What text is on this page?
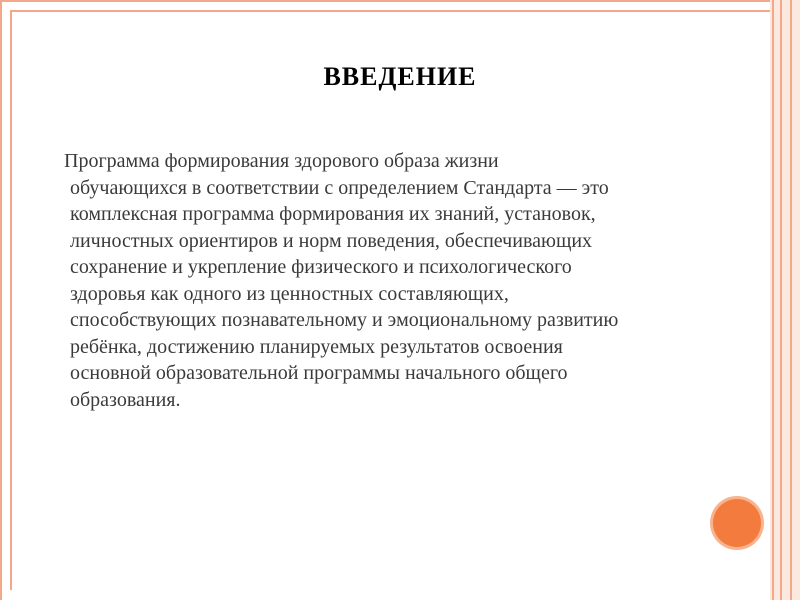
ВВЕДЕНИЕ
Программа формирования здорового образа жизни
обучающихся в соответствии с определением Стандарта — это
комплексная программа формирования их знаний, установок,
личностных ориентиров и норм поведения, обеспечивающих
сохранение и укрепление физического и психологического
здоровья как одного из ценностных составляющих,
способствующих познавательному и эмоциональному развитию
ребёнка, достижению планируемых результатов освоения
основной образовательной программы начального общего
образования.
